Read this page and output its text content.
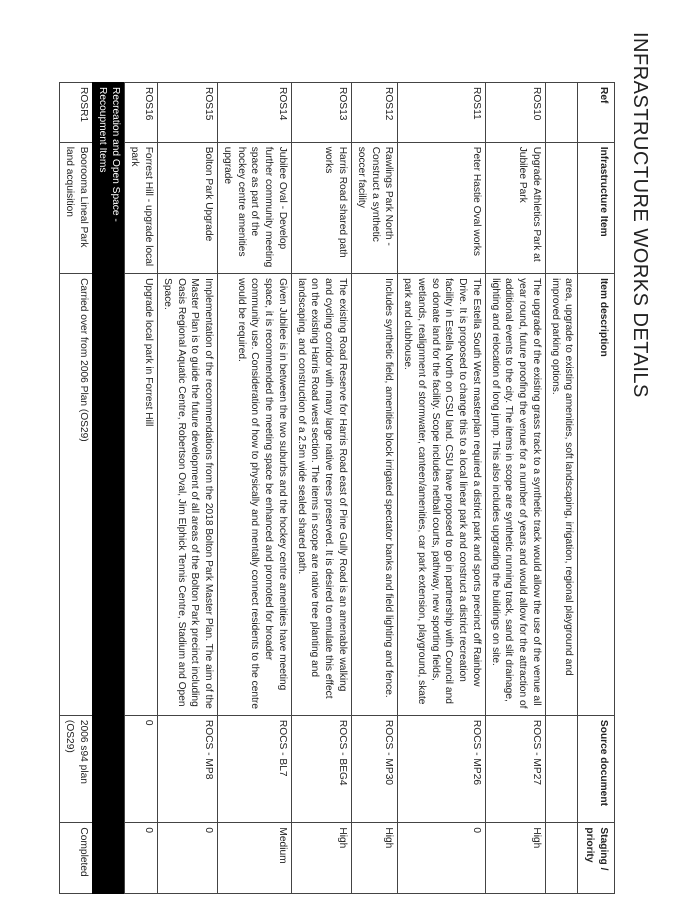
INFRASTRUCTURE WORKS DETAILS
Ref	Infrastructure Item	Item description	Source document	Staging / priority
		area, upgrade to existing amenities, soft landscaping, irrigation, regional playground and improved parking options.		
ROS10	Upgrade Athletics Park at Jubilee Park	The upgrade of the existing grass track to a synthetic track would allow the use of the venue all year round, future proofing the venue for a number of years and would allow for the attraction of additional events to the city. The items in scope are synthetic running track, sand slit drainage, lighting and relocation of long jump. This also includes upgrading the buildings on site.	ROCS - MP27	High
ROS11	Peter Hastie Oval works	The Estella South West masterplan required a district park and sports precinct off Rainbow Drive. It is proposed to change this to a local linear park and construct a district recreation facility in Estella North on CSU land. CSU have proposed to go in partnership with Council and so donate land for the facility. Scope includes netball courts, pathway, new sporting fields, wetlands, realignment of stormwater, canteen/amenities, car park extension, playground, skate park and clubhouse.	ROCS - MP26	0
ROS12	Rawlings Park North - Construct a synthetic soccer facility	Includes synthetic field, amenities block irrigated spectator banks and field lighting and fence.	ROCS - MP30	High
ROS13	Harris Road shared path works	The existing Road Reserve for Harris Road east of Pine Gully Road is an amenable walking and cycling corridor with many large native trees preserved. It is desired to emulate this effect on the existing Harris Road west section. The items in scope are native tree planting and landscaping, and construction of a 2.5m wide sealed shared path.	ROCS - BEG4	High
ROS14	Jubilee Oval - Develop further community meeting space as part of the hockey centre amenities upgrade	Given Jubilee is in between the two suburbs and the hockey centre amenities have meeting space, it is recommended the meeting space be enhanced and promoted for broader community use. Consideration of how to physically and mentally connect residents to the centre would be required.	ROCS - BL7	Medium
ROS15	Bolton Park Upgrade	Implementation of the recommendations from the 2018 Bolton Park Master Plan. The aim of the Master Plan is to guide the future development of all areas of the Bolton Park precinct including Oasis Regional Aquatic Centre, Robertson Oval, Jim Elphick Tennis Centre, Stadium and Open Space.	ROCS - MP8	0
ROS16	Forrest Hill - upgrade local park	Upgrade local park in Forrest Hill	0	0
Recreation and Open Space - Recoupment Items				
ROSR1	Boorooma Lineal Park land acquisition	Carried over from 2006 Plan (OS29)	2006 s94 plan (OS29)	Completed
